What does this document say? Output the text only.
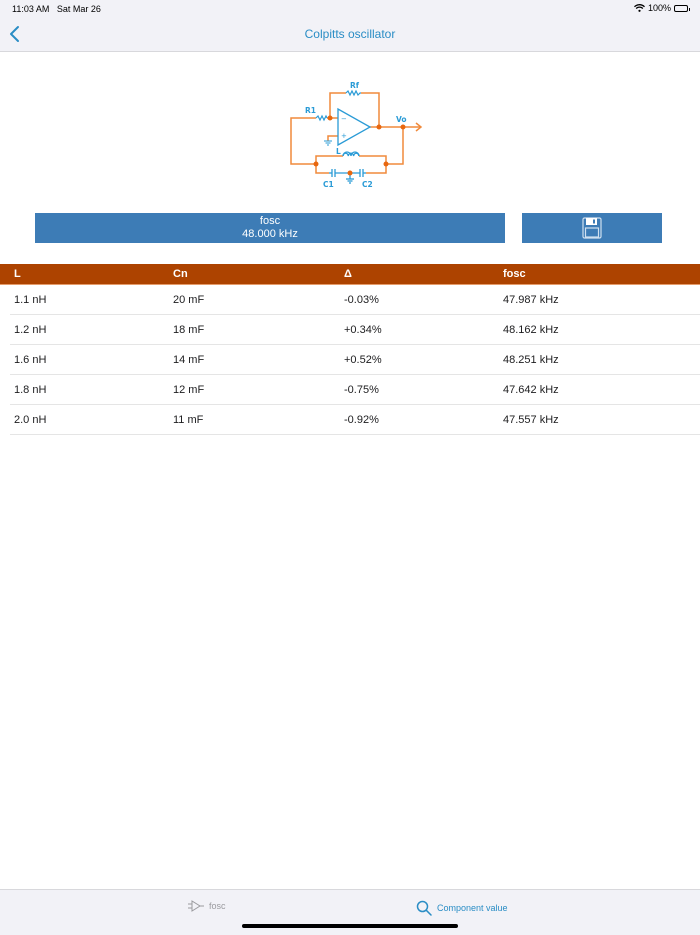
11:03 AM Sat Mar 26	100%
Colpitts oscillator
−
+
Rf
R1
Vo
L
C1	C2
fosc
48.000 kHz
L	Cn	Δ	fosc
1.1 nH	20 mF	-0.03%	47.987 kHz
1.2 nH	18 mF	+0.34%	48.162 kHz
1.6 nH	14 mF	+0.52%	48.251 kHz
1.8 nH	12 mF	-0.75%	47.642 kHz
2.0 nH	11 mF	-0.92%	47.557 kHz
fosc	Component value
